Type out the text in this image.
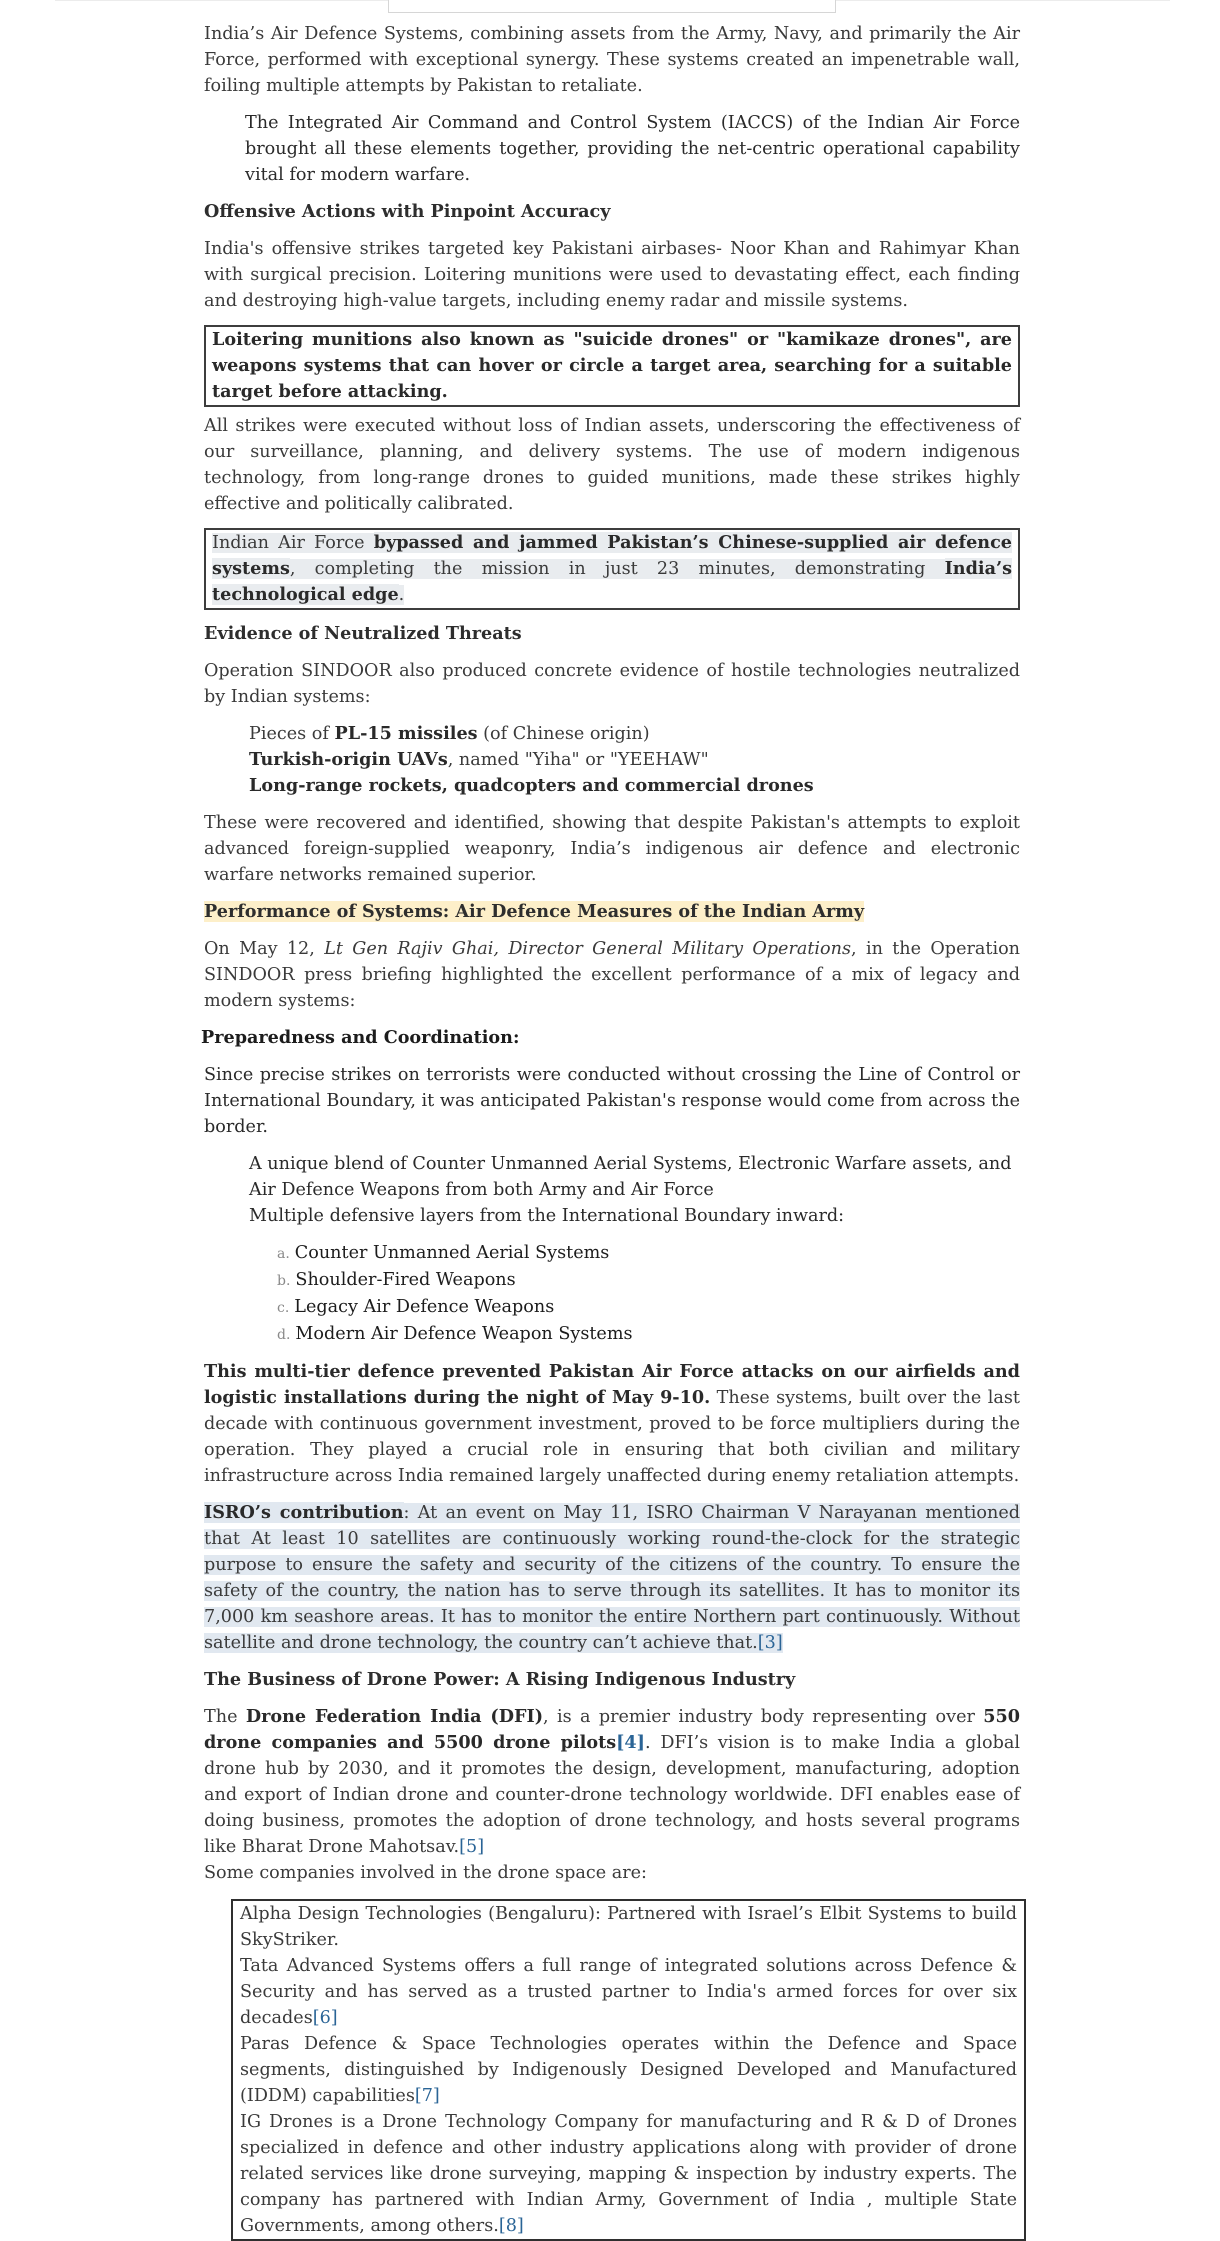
India’s Air Defence Systems, combining assets from the Army, Navy, and primarily the Air Force, performed with exceptional synergy. These systems created an impenetrable wall, foiling multiple attempts by Pakistan to retaliate.

The Integrated Air Command and Control System (IACCS) of the Indian Air Force brought all these elements together, providing the net-centric operational capability vital for modern warfare.

Offensive Actions with Pinpoint Accuracy

India's offensive strikes targeted key Pakistani airbases- Noor Khan and Rahimyar Khan with surgical precision. Loitering munitions were used to devastating effect, each finding and destroying high-value targets, including enemy radar and missile systems.

Loitering munitions also known as "suicide drones" or "kamikaze drones", are weapons systems that can hover or circle a target area, searching for a suitable target before attacking.

All strikes were executed without loss of Indian assets, underscoring the effectiveness of our surveillance, planning, and delivery systems. The use of modern indigenous technology, from long-range drones to guided munitions, made these strikes highly effective and politically calibrated.

Indian Air Force bypassed and jammed Pakistan’s Chinese-supplied air defence systems, completing the mission in just 23 minutes, demonstrating India’s technological edge.

Evidence of Neutralized Threats

Operation SINDOOR also produced concrete evidence of hostile technologies neutralized by Indian systems:

Pieces of PL-15 missiles (of Chinese origin)
Turkish-origin UAVs, named "Yiha" or "YEEHAW"
Long-range rockets, quadcopters and commercial drones

These were recovered and identified, showing that despite Pakistan's attempts to exploit advanced foreign-supplied weaponry, India’s indigenous air defence and electronic warfare networks remained superior.

Performance of Systems: Air Defence Measures of the Indian Army

On May 12, Lt Gen Rajiv Ghai, Director General Military Operations, in the Operation SINDOOR press briefing highlighted the excellent performance of a mix of legacy and modern systems:

Preparedness and Coordination:

Since precise strikes on terrorists were conducted without crossing the Line of Control or International Boundary, it was anticipated Pakistan's response would come from across the border.

A unique blend of Counter Unmanned Aerial Systems, Electronic Warfare assets, and Air Defence Weapons from both Army and Air Force
Multiple defensive layers from the International Boundary inward:
a. Counter Unmanned Aerial Systems
b. Shoulder-Fired Weapons
c. Legacy Air Defence Weapons
d. Modern Air Defence Weapon Systems

This multi-tier defence prevented Pakistan Air Force attacks on our airfields and logistic installations during the night of May 9-10. These systems, built over the last decade with continuous government investment, proved to be force multipliers during the operation. They played a crucial role in ensuring that both civilian and military infrastructure across India remained largely unaffected during enemy retaliation attempts.

ISRO’s contribution: At an event on May 11, ISRO Chairman V Narayanan mentioned that At least 10 satellites are continuously working round-the-clock for the strategic purpose to ensure the safety and security of the citizens of the country. To ensure the safety of the country, the nation has to serve through its satellites. It has to monitor its 7,000 km seashore areas. It has to monitor the entire Northern part continuously. Without satellite and drone technology, the country can’t achieve that.[3]

The Business of Drone Power: A Rising Indigenous Industry

The Drone Federation India (DFI), is a premier industry body representing over 550 drone companies and 5500 drone pilots[4]. DFI’s vision is to make India a global drone hub by 2030, and it promotes the design, development, manufacturing, adoption and export of Indian drone and counter-drone technology worldwide. DFI enables ease of doing business, promotes the adoption of drone technology, and hosts several programs like Bharat Drone Mahotsav.[5]

Some companies involved in the drone space are:

Alpha Design Technologies (Bengaluru): Partnered with Israel’s Elbit Systems to build SkyStriker.

Tata Advanced Systems offers a full range of integrated solutions across Defence & Security and has served as a trusted partner to India's armed forces for over six decades[6]

Paras Defence & Space Technologies operates within the Defence and Space segments, distinguished by Indigenously Designed Developed and Manufactured (IDDM) capabilities[7]

IG Drones is a Drone Technology Company for manufacturing and R & D of Drones specialized in defence and other industry applications along with provider of drone related services like drone surveying, mapping & inspection by industry experts. The company has partnered with Indian Army, Government of India , multiple State Governments, among others.[8]
